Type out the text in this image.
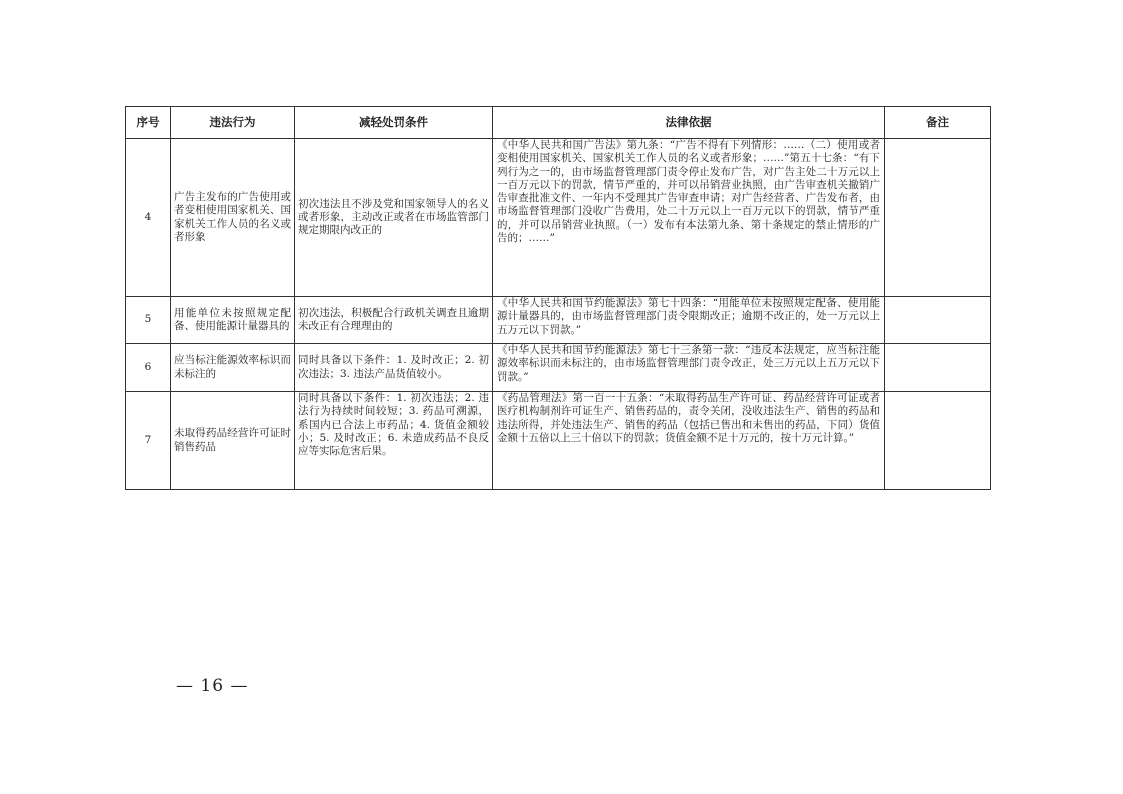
序号	违法行为	减轻处罚条件	法律依据	备注
4	广告主发布的广告使用或者变相使用国家机关、国家机关工作人员的名义或者形象	初次违法且不涉及党和国家领导人的名义或者形象，主动改正或者在市场监管部门规定期限内改正的	《中华人民共和国广告法》第九条：“广告不得有下列情形：……（二）使用或者变相使用国家机关、国家机关工作人员的名义或者形象；……”第五十七条：“有下列行为之一的，由市场监督管理部门责令停止发布广告，对广告主处二十万元以上一百万元以下的罚款，情节严重的，并可以吊销营业执照，由广告审查机关撤销广告审查批准文件、一年内不受理其广告审查申请；对广告经营者、广告发布者，由市场监督管理部门没收广告费用，处二十万元以上一百万元以下的罚款，情节严重的，并可以吊销营业执照。（一）发布有本法第九条、第十条规定的禁止情形的广告的；……”	
5	用能单位未按照规定配备、使用能源计量器具的	初次违法，积极配合行政机关调查且逾期未改正有合理理由的	《中华人民共和国节约能源法》第七十四条：“用能单位未按照规定配备、使用能源计量器具的，由市场监督管理部门责令限期改正；逾期不改正的，处一万元以上五万元以下罚款。”	
6	应当标注能源效率标识而未标注的	同时具备以下条件：1. 及时改正；2. 初次违法；3. 违法产品货值较小。	《中华人民共和国节约能源法》第七十三条第一款：“违反本法规定，应当标注能源效率标识而未标注的，由市场监督管理部门责令改正，处三万元以上五万元以下罚款。”	
7	未取得药品经营许可证时销售药品	同时具备以下条件：1. 初次违法；2. 违法行为持续时间较短；3. 药品可溯源，系国内已合法上市药品；4. 货值金额较小；5. 及时改正；6. 未造成药品不良反应等实际危害后果。	《药品管理法》第一百一十五条：“未取得药品生产许可证、药品经营许可证或者医疗机构制剂许可证生产、销售药品的，责令关闭，没收违法生产、销售的药品和违法所得，并处违法生产、销售的药品（包括已售出和未售出的药品，下同）货值金额十五倍以上三十倍以下的罚款；货值金额不足十万元的，按十万元计算。”	
— 16 —
